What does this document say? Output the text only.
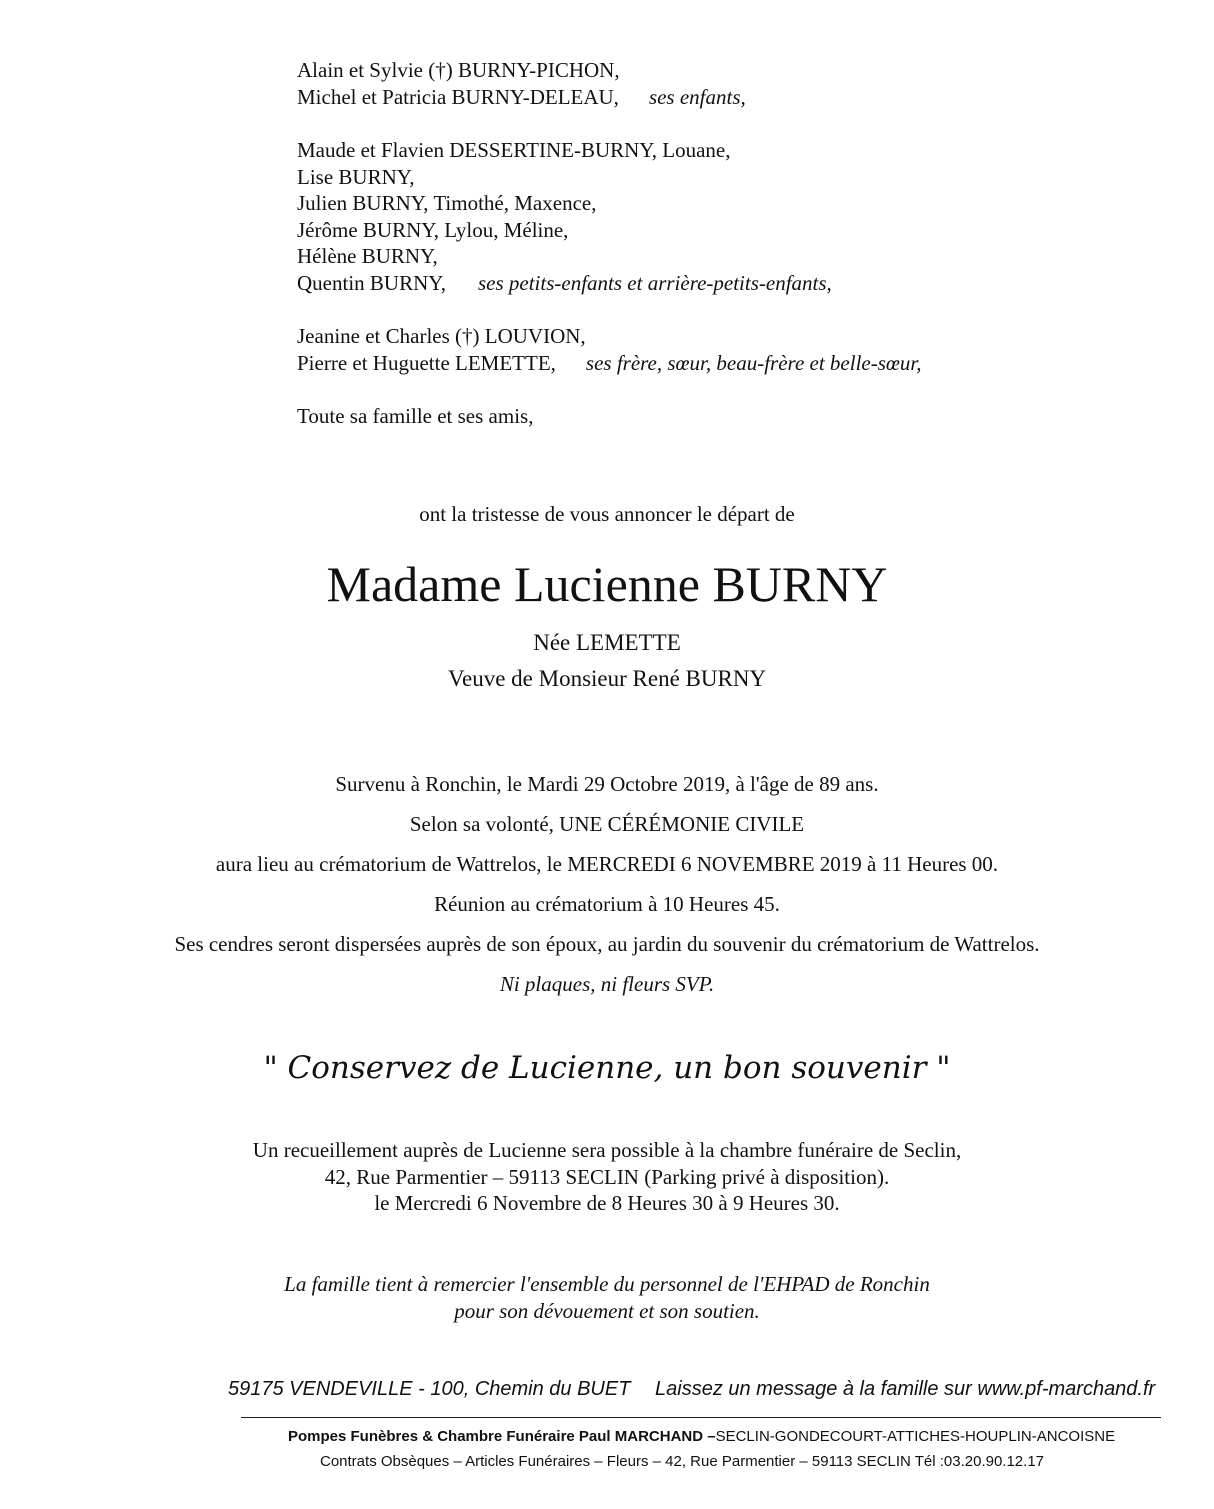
Alain et Sylvie (†) BURNY-PICHON,
Michel et Patricia BURNY-DELEAU, ses enfants,
Maude et Flavien DESSERTINE-BURNY, Louane,
Lise BURNY,
Julien BURNY, Timothé, Maxence,
Jérôme BURNY, Lylou, Méline,
Hélène BURNY,
Quentin BURNY, ses petits-enfants et arrière-petits-enfants,
Jeanine et Charles (†) LOUVION,
Pierre et Huguette LEMETTE, ses frère, sœur, beau-frère et belle-sœur,
Toute sa famille et ses amis,
ont la tristesse de vous annoncer le départ de
Madame Lucienne BURNY
Née LEMETTE
Veuve de Monsieur René BURNY
Survenu à Ronchin, le Mardi 29 Octobre 2019, à l'âge de 89 ans.
Selon sa volonté, UNE CÉRÉMONIE CIVILE
aura lieu au crématorium de Wattrelos, le MERCREDI 6 NOVEMBRE 2019 à 11 Heures 00.
Réunion au crématorium à 10 Heures 45.
Ses cendres seront dispersées auprès de son époux, au jardin du souvenir du crématorium de Wattrelos.
Ni plaques, ni fleurs SVP.
" Conservez de Lucienne, un bon souvenir "
Un recueillement auprès de Lucienne sera possible à la chambre funéraire de Seclin,
42, Rue Parmentier – 59113 SECLIN (Parking privé à disposition).
le Mercredi 6 Novembre de 8 Heures 30 à 9 Heures 30.
La famille tient à remercier l'ensemble du personnel de l'EHPAD de Ronchin
pour son dévouement et son soutien.
59175 VENDEVILLE - 100, Chemin du BUET Laissez un message à la famille sur www.pf-marchand.fr
Pompes Funèbres & Chambre Funéraire Paul MARCHAND –SECLIN-GONDECOURT-ATTICHES-HOUPLIN-ANCOISNE
Contrats Obsèques – Articles Funéraires – Fleurs – 42, Rue Parmentier – 59113 SECLIN Tél :03.20.90.12.17
